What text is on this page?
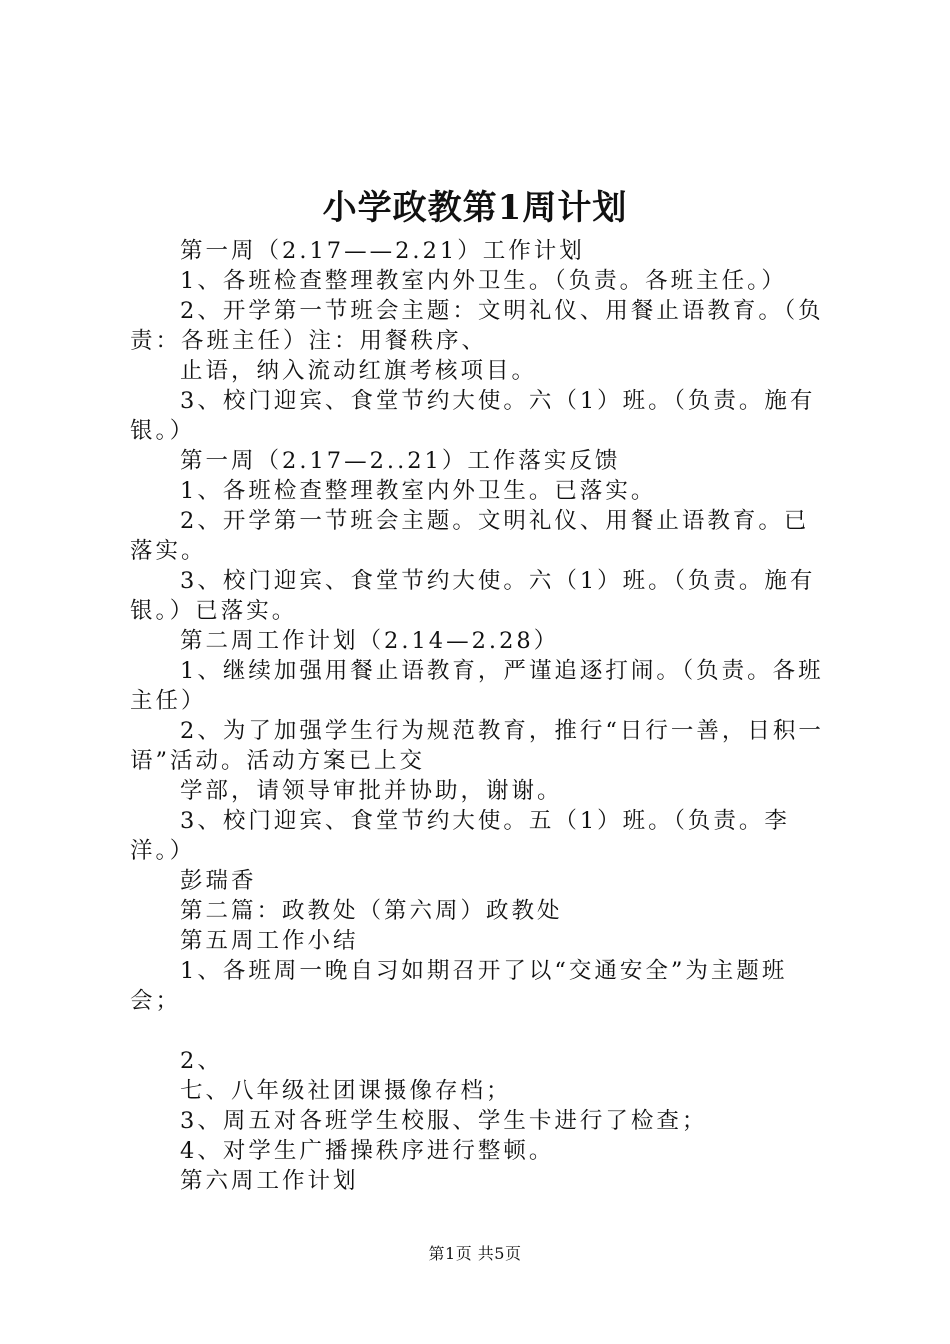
小学政教第1周计划

第一周（2.17——2.21）工作计划

1、各班检查整理教室内外卫生。（负责。各班主任。）

2、开学第一节班会主题：文明礼仪、用餐止语教育。（负责：各班主任）注：用餐秩序、

止语，纳入流动红旗考核项目。

3、校门迎宾、食堂节约大使。六（1）班。（负责。施有银。）

第一周（2.17—2..21）工作落实反馈

1、各班检查整理教室内外卫生。已落实。

2、开学第一节班会主题。文明礼仪、用餐止语教育。已落实。

3、校门迎宾、食堂节约大使。六（1）班。（负责。施有银。）已落实。

第二周工作计划（2.14—2.28）

1、继续加强用餐止语教育，严谨追逐打闹。（负责。各班主任）

2、为了加强学生行为规范教育，推行“日行一善，日积一语”活动。活动方案已上交

学部，请领导审批并协助，谢谢。

3、校门迎宾、食堂节约大使。五（1）班。（负责。李洋。）

彭瑞香

第二篇：政教处（第六周）政教处

第五周工作小结

1、各班周一晚自习如期召开了以“交通安全”为主题班会；

2、

七、八年级社团课摄像存档；

3、周五对各班学生校服、学生卡进行了检查；

4、对学生广播操秩序进行整顿。

第六周工作计划

第1页 共5页
